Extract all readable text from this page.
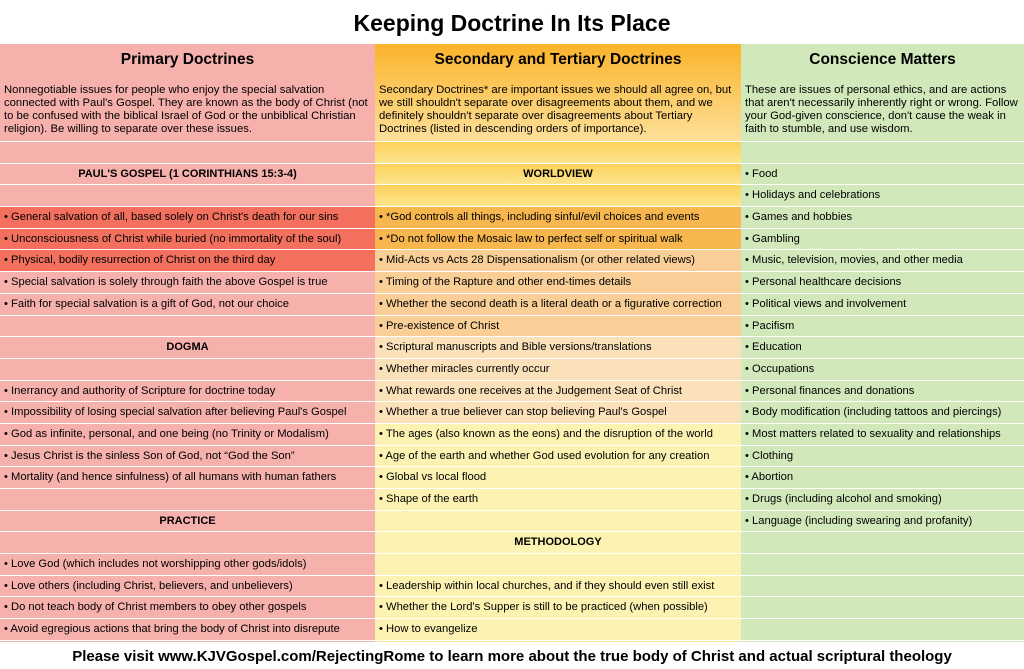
Keeping Doctrine In Its Place
Primary Doctrines
Nonnegotiable issues for people who enjoy the special salvation connected with Paul's Gospel. They are known as the body of Christ (not to be confused with the biblical Israel of God or the unbiblical Christian religion). Be willing to separate over these issues.
PAUL'S GOSPEL (1 CORINTHIANS 15:3-4)
• General salvation of all, based solely on Christ's death for our sins
• Unconsciousness of Christ while buried (no immortality of the soul)
• Physical, bodily resurrection of Christ on the third day
• Special salvation is solely through faith the above Gospel is true
• Faith for special salvation is a gift of God, not our choice
DOGMA
• Inerrancy and authority of Scripture for doctrine today
• Impossibility of losing special salvation after believing Paul's Gospel
• God as infinite, personal, and one being (no Trinity or Modalism)
• Jesus Christ is the sinless Son of God, not “God the Son”
• Mortality (and hence sinfulness) of all humans with human fathers
PRACTICE
• Love God (which includes not worshipping other gods/idols)
• Love others (including Christ, believers, and unbelievers)
• Do not teach body of Christ members to obey other gospels
• Avoid egregious actions that bring the body of Christ into disrepute
Secondary and Tertiary Doctrines
Secondary Doctrines* are important issues we should all agree on, but we still shouldn't separate over disagreements about them, and we definitely shouldn't separate over disagreements about Tertiary Doctrines (listed in descending orders of importance).
WORLDVIEW
• *God controls all things, including sinful/evil choices and events
• *Do not follow the Mosaic law to perfect self or spiritual walk
• Mid-Acts vs Acts 28 Dispensationalism (or other related views)
• Timing of the Rapture and other end-times details
• Whether the second death is a literal death or a figurative correction
• Pre-existence of Christ
• Scriptural manuscripts and Bible versions/translations
• Whether miracles currently occur
• What rewards one receives at the Judgement Seat of Christ
• Whether a true believer can stop believing Paul's Gospel
• The ages (also known as the eons) and the disruption of the world
• Age of the earth and whether God used evolution for any creation
• Global vs local flood
• Shape of the earth
METHODOLOGY
• Leadership within local churches, and if they should even still exist
• Whether the Lord's Supper is still to be practiced (when possible)
• How to evangelize
Conscience Matters
These are issues of personal ethics, and are actions that aren't necessarily inherently right or wrong. Follow your God-given conscience, don't cause the weak in faith to stumble, and use wisdom.
• Food
• Holidays and celebrations
• Games and hobbies
• Gambling
• Music, television, movies, and other media
• Personal healthcare decisions
• Political views and involvement
• Pacifism
• Education
• Occupations
• Personal finances and donations
• Body modification (including tattoos and piercings)
• Most matters related to sexuality and relationships
• Clothing
• Abortion
• Drugs (including alcohol and smoking)
• Language (including swearing and profanity)
Please visit www.KJVGospel.com/RejectingRome to learn more about the true body of Christ and actual scriptural theology
